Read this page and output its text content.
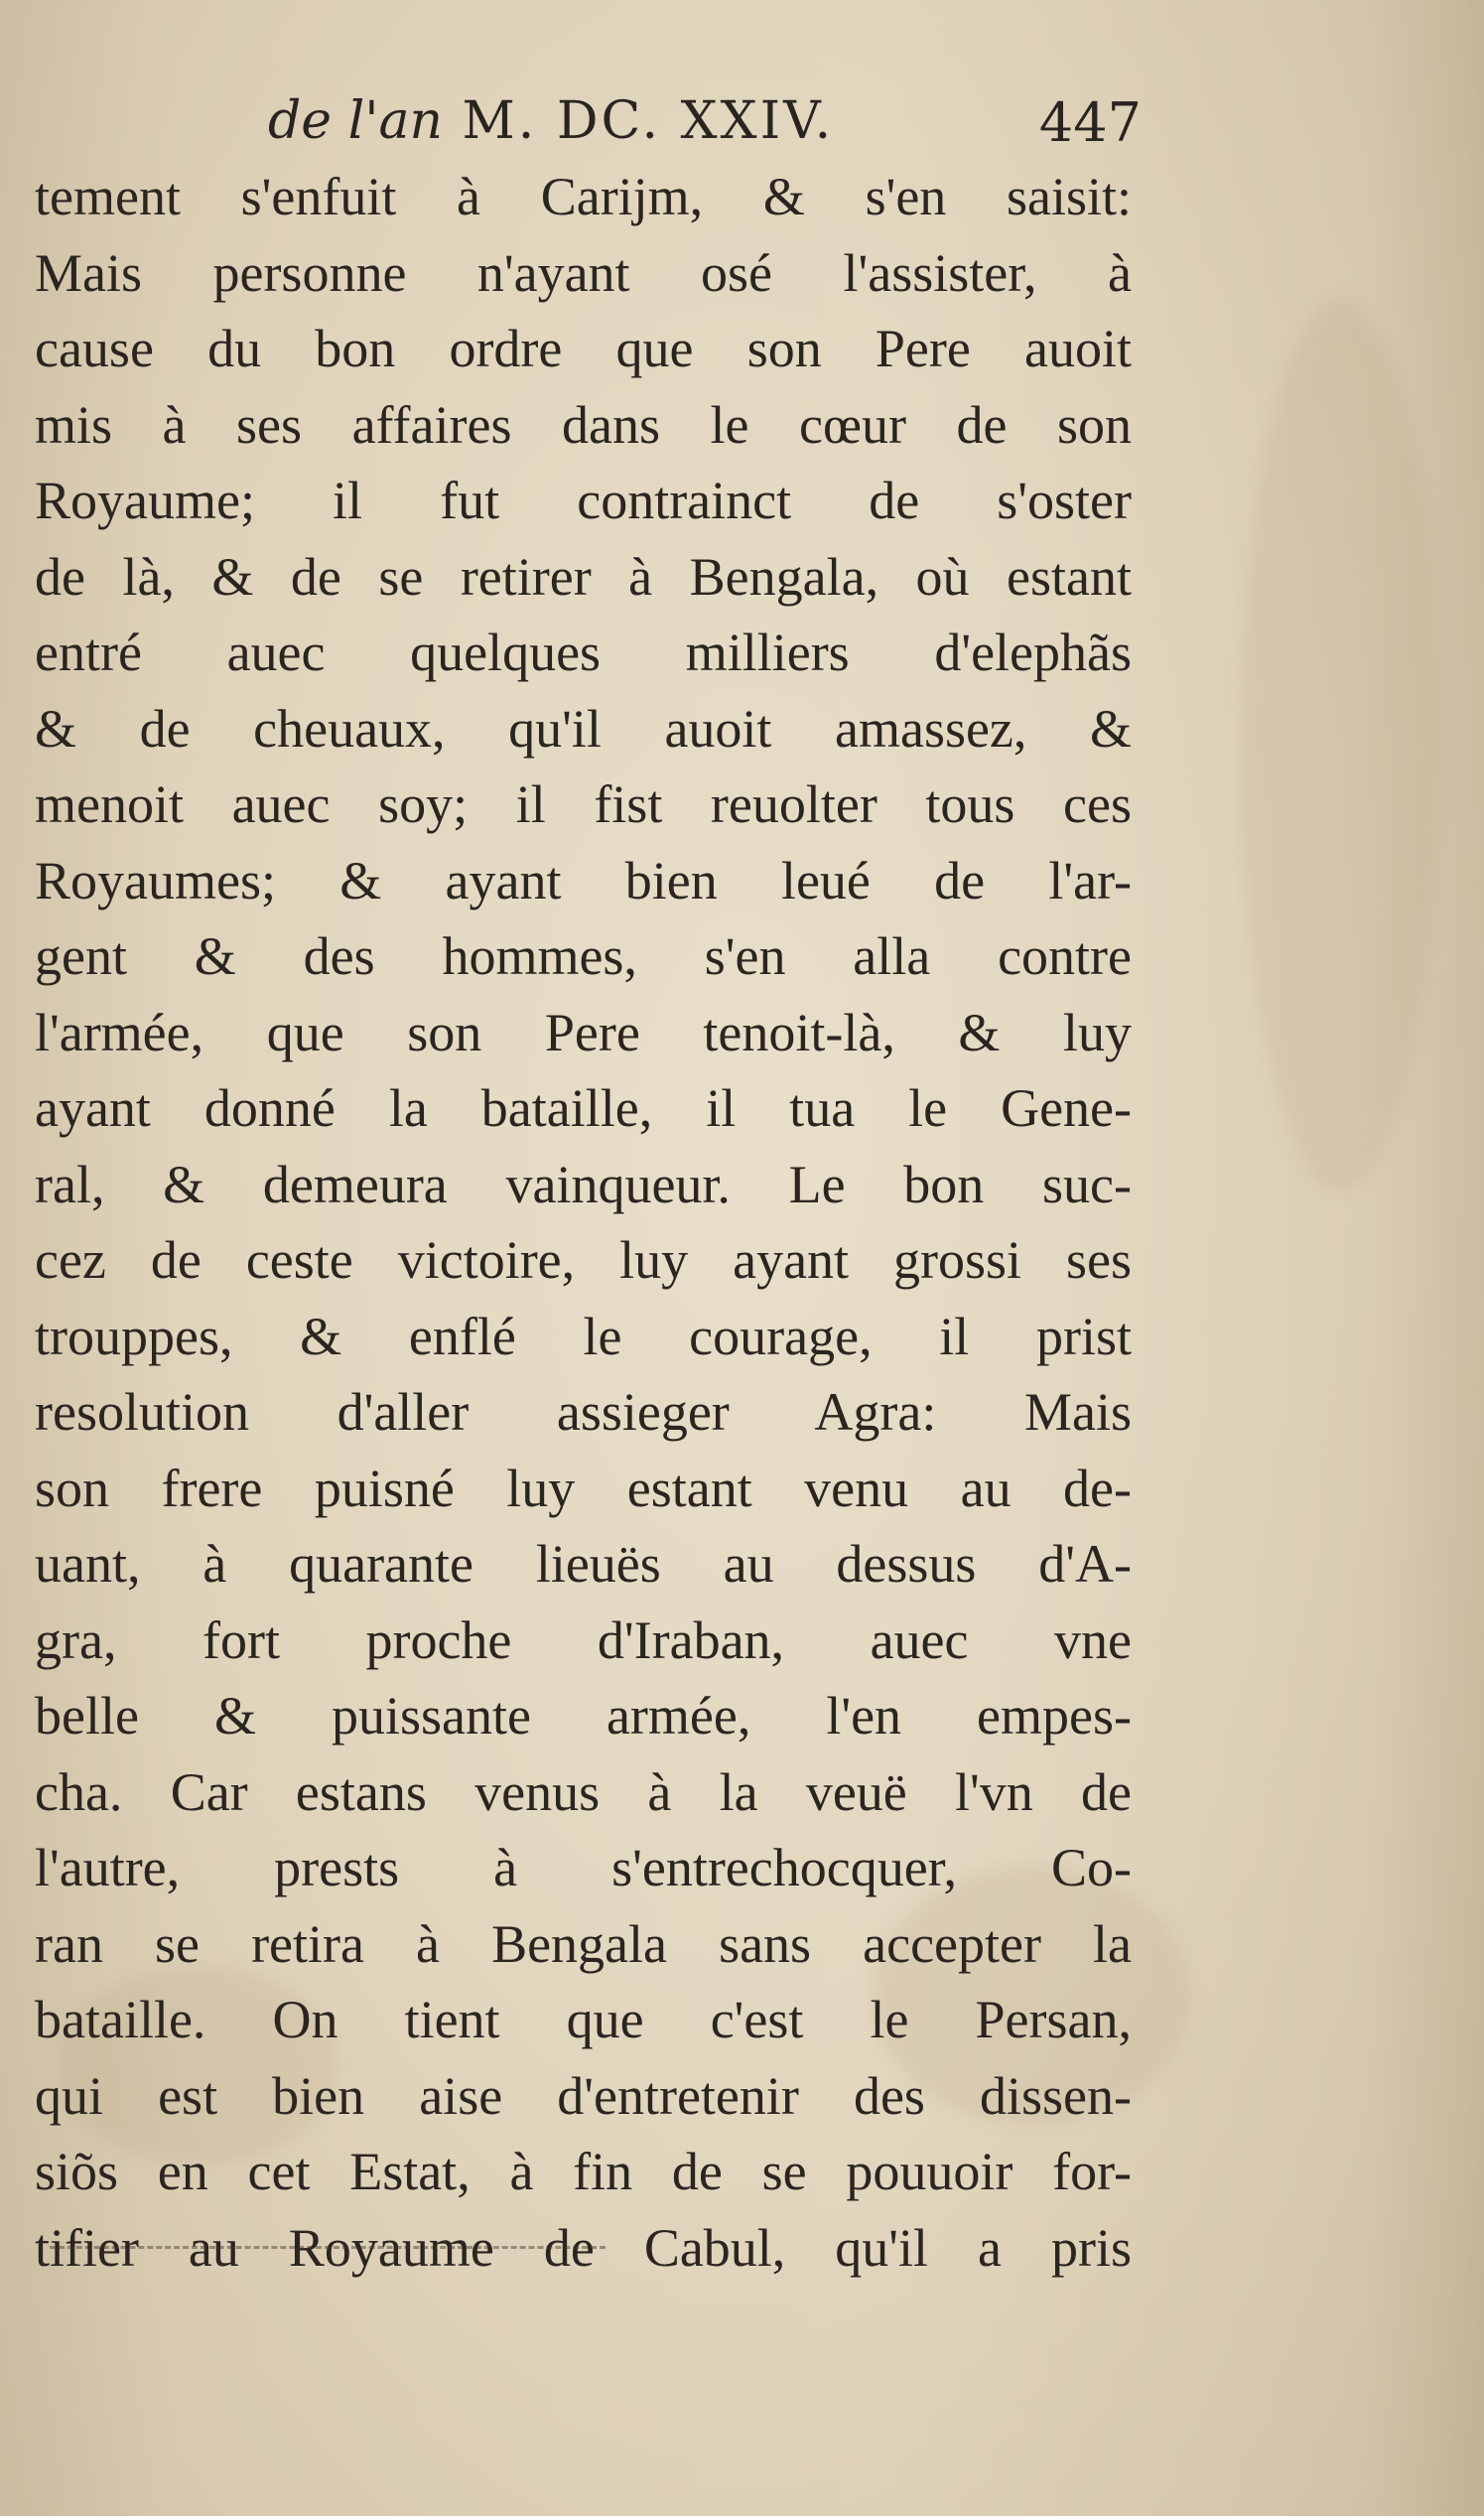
de l'an M. DC. XXIV.	447
tement s'enfuit à Carijm, & s'en saisit:
Mais personne n'ayant osé l'assister, à
cause du bon ordre que son Pere auoit
mis à ses affaires dans le cœur de son
Royaume; il fut contrainct de s'oster
de là, & de se retirer à Bengala, où estant
entré auec quelques milliers d'elephãs
& de cheuaux, qu'il auoit amassez, &
menoit auec soy; il fist reuolter tous ces
Royaumes; & ayant bien leué de l'ar-
gent & des hommes, s'en alla contre
l'armée, que son Pere tenoit-là, & luy
ayant donné la bataille, il tua le Gene-
ral, & demeura vainqueur. Le bon suc-
cez de ceste victoire, luy ayant grossi ses
trouppes, & enflé le courage, il prist
resolution d'aller assieger Agra: Mais
son frere puisné luy estant venu au de-
uant, à quarante lieuës au dessus d'A-
gra, fort proche d'Iraban, auec vne
belle & puissante armée, l'en empes-
cha. Car estans venus à la veuë l'vn de
l'autre, prests à s'entrechocquer, Co-
ran se retira à Bengala sans accepter la
bataille. On tient que c'est le Persan,
qui est bien aise d'entretenir des dissen-
siõs en cet Estat, à fin de se pouuoir for-
tifier au Royaume de Cabul, qu'il a pris
